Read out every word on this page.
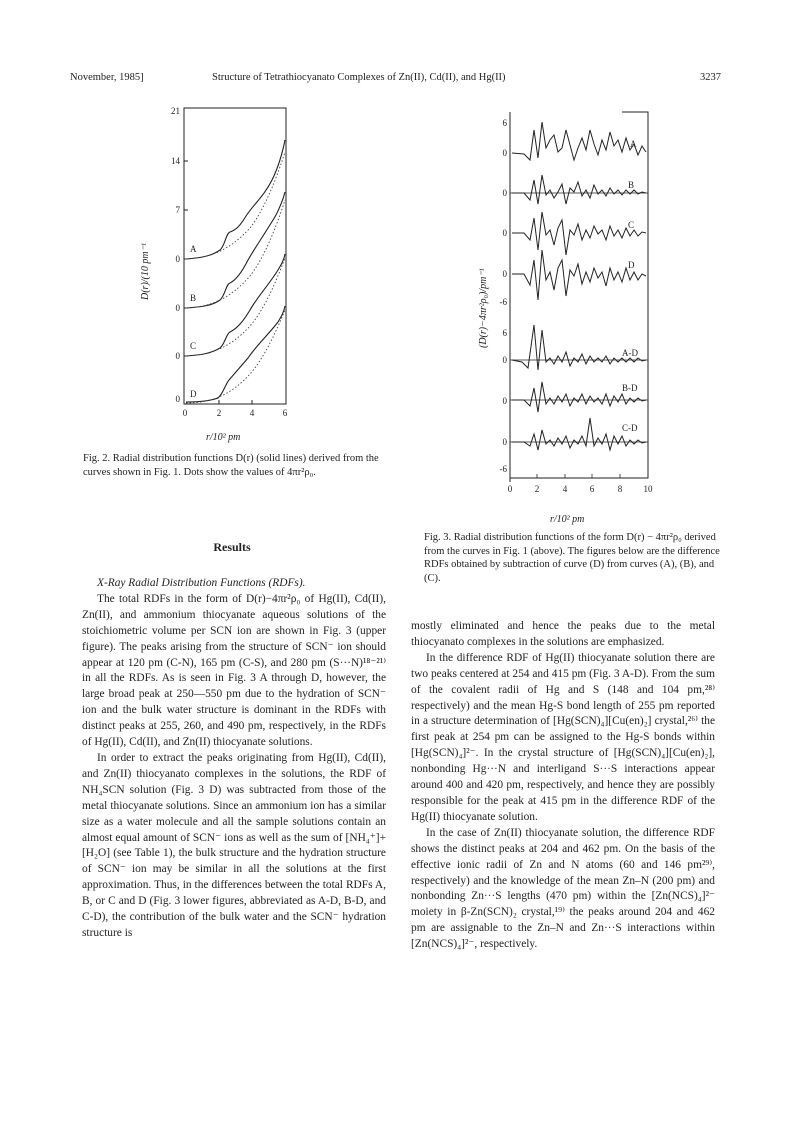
November, 1985]	Structure of Tetrathiocyanato Complexes of Zn(II), Cd(II), and Hg(II)	3237
21
14
7
0
0
0
0
0	2	4	6
A
B
C
D
D(r)/(10 pm⁻¹
r/10² pm
Fig. 2. Radial distribution functions D(r) (solid lines) derived from the curves shown in Fig. 1. Dots show the values of 4πr²ρ₀.
6
0
0
0
0
-6
6
0
0
0
-6
0	2	4	6	8 10
A
B
C
D
A-D
B-D
C-D
(D(r)−4πr²ρ₀)/pm⁻¹
r/10² pm
Fig. 3. Radial distribution functions of the form D(r) − 4πr²ρ₀ derived from the curves in Fig. 1 (above). The figures below are the difference RDFs obtained by subtraction of curve (D) from curves (A), (B), and (C).
Results

X-Ray Radial Distribution Functions (RDFs).

The total RDFs in the form of D(r)−4πr²ρ₀ of Hg(II), Cd(II), Zn(II), and ammonium thiocyanate aqueous solutions of the stoichiometric volume per SCN ion are shown in Fig. 3 (upper figure). The peaks arising from the structure of SCN⁻ ion should appear at 120 pm (C-N), 165 pm (C-S), and 280 pm (S···N)¹⁸⁻²¹⁾ in all the RDFs. As is seen in Fig. 3 A through D, however, the large broad peak at 250—550 pm due to the hydration of SCN⁻ ion and the bulk water structure is dominant in the RDFs with distinct peaks at 255, 260, and 490 pm, respectively, in the RDFs of Hg(II), Cd(II), and Zn(II) thiocyanate solutions.

In order to extract the peaks originating from Hg(II), Cd(II), and Zn(II) thiocyanato complexes in the solutions, the RDF of NH₄SCN solution (Fig. 3 D) was subtracted from those of the metal thiocyanate solutions. Since an ammonium ion has a similar size as a water molecule and all the sample solutions contain an almost equal amount of SCN⁻ ions as well as the sum of [NH₄⁺]+[H₂O] (see Table 1), the bulk structure and the hydration structure of SCN⁻ ion may be similar in all the solutions at the first approximation. Thus, in the differences between the total RDFs A, B, or C and D (Fig. 3 lower figures, abbreviated as A-D, B-D, and C-D), the contribution of the bulk water and the SCN⁻ hydration structure is

mostly eliminated and hence the peaks due to the metal thiocyanato complexes in the solutions are emphasized.

In the difference RDF of Hg(II) thiocyanate solution there are two peaks centered at 254 and 415 pm (Fig. 3 A-D). From the sum of the covalent radii of Hg and S (148 and 104 pm,²⁸⁾ respectively) and the mean Hg-S bond length of 255 pm reported in a structure determination of [Hg(SCN)₄][Cu(en)₂] crystal,²⁶⁾ the first peak at 254 pm can be assigned to the Hg-S bonds within [Hg(SCN)₄]²⁻. In the crystal structure of [Hg(SCN)₄][Cu(en)₂], nonbonding Hg···N and interligand S···S interactions appear around 400 and 420 pm, respectively, and hence they are possibly responsible for the peak at 415 pm in the difference RDF of the Hg(II) thiocyanate solution.

In the case of Zn(II) thiocyanate solution, the difference RDF shows the distinct peaks at 204 and 462 pm. On the basis of the effective ionic radii of Zn and N atoms (60 and 146 pm²⁹⁾, respectively) and the knowledge of the mean Zn–N (200 pm) and nonbonding Zn···S lengths (470 pm) within the [Zn(NCS)₄]²⁻ moiety in β-Zn(SCN)₂ crystal,¹⁹⁾ the peaks around 204 and 462 pm are assignable to the Zn–N and Zn···S interactions within [Zn(NCS)₄]²⁻, respectively.
